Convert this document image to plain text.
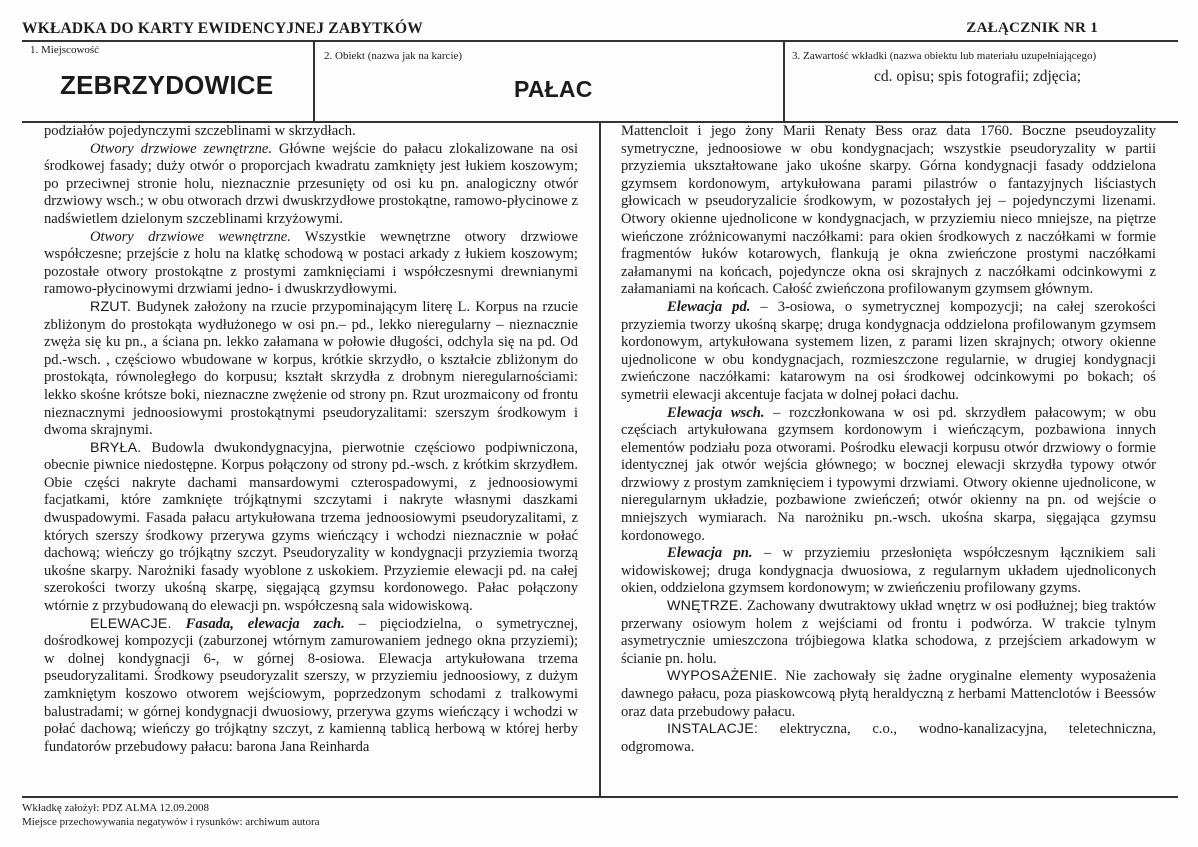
WKŁADKA DO KARTY EWIDENCYJNEJ ZABYTKÓW	ZAŁĄCZNIK NR 1
1. Miejscowość
ZEBRZYDOWICE
2. Obiekt (nazwa jak na karcie)
PAŁAC
3. Zawartość wkładki (nazwa obiektu lub materiału uzupełniającego)
cd. opisu; spis fotografii; zdjęcia;

podziałów pojedynczymi szczeblinami w skrzydłach.

Otwory drzwiowe zewnętrzne. Główne wejście do pałacu zlokalizowane na osi środkowej fasady; duży otwór o proporcjach kwadratu zamknięty jest łukiem koszowym; po przeciwnej stronie holu, nieznacznie przesunięty od osi ku pn. analogiczny otwór drzwiowy wsch.; w obu otworach drzwi dwuskrzydłowe prostokątne, ramowo-płycinowe z nadświetlem dzielonym szczeblinami krzyżowymi.

Otwory drzwiowe wewnętrzne. Wszystkie wewnętrzne otwory drzwiowe współczesne; przejście z holu na klatkę schodową w postaci arkady z łukiem koszowym; pozostałe otwory prostokątne z prostymi zamknięciami i współczesnymi drewnianymi ramowo-płycinowymi drzwiami jedno- i dwuskrzydłowymi.

RZUT. Budynek założony na rzucie przypominającym literę L. Korpus na rzucie zbliżonym do prostokąta wydłużonego w osi pn.– pd., lekko nieregularny – nieznacznie zwęża się ku pn., a ściana pn. lekko załamana w połowie długości, odchyla się na pd. Od pd.-wsch. , częściowo wbudowane w korpus, krótkie skrzydło, o kształcie zbliżonym do prostokąta, równoległego do korpusu; kształt skrzydła z drobnym nieregularnościami: lekko skośne krótsze boki, nieznaczne zwężenie od strony pn. Rzut urozmaicony od frontu nieznacznymi jednoosiowymi prostokątnymi pseudoryzalitami: szerszym środkowym i dwoma skrajnymi.

BRYŁA. Budowla dwukondygnacyjna, pierwotnie częściowo podpiwniczona, obecnie piwnice niedostępne. Korpus połączony od strony pd.-wsch. z krótkim skrzydłem. Obie części nakryte dachami mansardowymi czterospadowymi, z jednoosiowymi facjatkami, które zamknięte trójkątnymi szczytami i nakryte własnymi daszkami dwuspadowymi. Fasada pałacu artykułowana trzema jednoosiowymi pseudoryzalitami, z których szerszy środkowy przerywa gzyms wieńczący i wchodzi nieznacznie w połać dachową; wieńczy go trójkątny szczyt. Pseudoryzality w kondygnacji przyziemia tworzą ukośne skarpy. Narożniki fasady wyoblone z uskokiem. Przyziemie elewacji pd. na całej szerokości tworzy ukośną skarpę, sięgającą gzymsu kordonowego. Pałac połączony wtórnie z przybudowaną do elewacji pn. współczesną sala widowiskową.

ELEWACJE. Fasada, elewacja zach. – pięciodzielna, o symetrycznej, dośrodkowej kompozycji (zaburzonej wtórnym zamurowaniem jednego okna przyziemi); w dolnej kondygnacji 6-, w górnej 8-osiowa. Elewacja artykułowana trzema pseudoryzalitami. Środkowy pseudoryzalit szerszy, w przyziemiu jednoosiowy, z dużym zamkniętym koszowo otworem wejściowym, poprzedzonym schodami z tralkowymi balustradami; w górnej kondygnacji dwuosiowy, przerywa gzyms wieńczący i wchodzi w połać dachową; wieńczy go trójkątny szczyt, z kamienną tablicą herbową w której herby fundatorów przebudowy pałacu: barona Jana Reinharda

Mattencloit i jego żony Marii Renaty Bess oraz data 1760. Boczne pseudoyzality symetryczne, jednoosiowe w obu kondygnacjach; wszystkie pseudoryzality w partii przyziemia ukształtowane jako ukośne skarpy. Górna kondygnacji fasady oddzielona gzymsem kordonowym, artykułowana parami pilastrów o fantazyjnych liściastych głowicach w pseudoryzalicie środkowym, w pozostałych jej – pojedynczymi lizenami. Otwory okienne ujednolicone w kondygnacjach, w przyziemiu nieco mniejsze, na piętrze wieńczone zróżnicowanymi naczółkami: para okien środkowych z naczółkami w formie fragmentów łuków kotarowych, flankują je okna zwieńczone prostymi naczółkami załamanymi na końcach, pojedyncze okna osi skrajnych z naczółkami odcinkowymi z załamaniami na końcach. Całość zwieńczona profilowanym gzymsem głównym.

Elewacja pd. – 3-osiowa, o symetrycznej kompozycji; na całej szerokości przyziemia tworzy ukośną skarpę; druga kondygnacja oddzielona profilowanym gzymsem kordonowym, artykułowana systemem lizen, z parami lizen skrajnych; otwory okienne ujednolicone w obu kondygnacjach, rozmieszczone regularnie, w drugiej kondygnacji zwieńczone naczółkami: katarowym na osi środkowej odcinkowymi po bokach; oś symetrii elewacji akcentuje facjata w dolnej połaci dachu.

Elewacja wsch. – rozczłonkowana w osi pd. skrzydłem pałacowym; w obu częściach artykułowana gzymsem kordonowym i wieńczącym, pozbawiona innych elementów podziału poza otworami. Pośrodku elewacji korpusu otwór drzwiowy o formie identycznej jak otwór wejścia głównego; w bocznej elewacji skrzydła typowy otwór drzwiowy z prostym zamknięciem i typowymi drzwiami. Otwory okienne ujednolicone, w nieregularnym układzie, pozbawione zwieńczeń; otwór okienny na pn. od wejście o mniejszych wymiarach. Na narożniku pn.-wsch. ukośna skarpa, sięgająca gzymsu kordonowego.

Elewacja pn. – w przyziemiu przesłonięta współczesnym łącznikiem sali widowiskowej; druga kondygnacja dwuosiowa, z regularnym układem ujednoliconych okien, oddzielona gzymsem kordonowym; w zwieńczeniu profilowany gzyms.

WNĘTRZE. Zachowany dwutraktowy układ wnętrz w osi podłużnej; bieg traktów przerwany osiowym holem z wejściami od frontu i podwórza. W trakcie tylnym asymetrycznie umieszczona trójbiegowa klatka schodowa, z przejściem arkadowym w ścianie pn. holu.

WYPOSAŻENIE. Nie zachowały się żadne oryginalne elementy wyposażenia dawnego pałacu, poza piaskowcową płytą heraldyczną z herbami Mattenclotów i Beessów oraz data przebudowy pałacu.

INSTALACJE: elektryczna, c.o., wodno-kanalizacyjna, teletechniczna, odgromowa.

Wkładkę założył: PDZ ALMA 12.09.2008
Miejsce przechowywania negatywów i rysunków: archiwum autora
